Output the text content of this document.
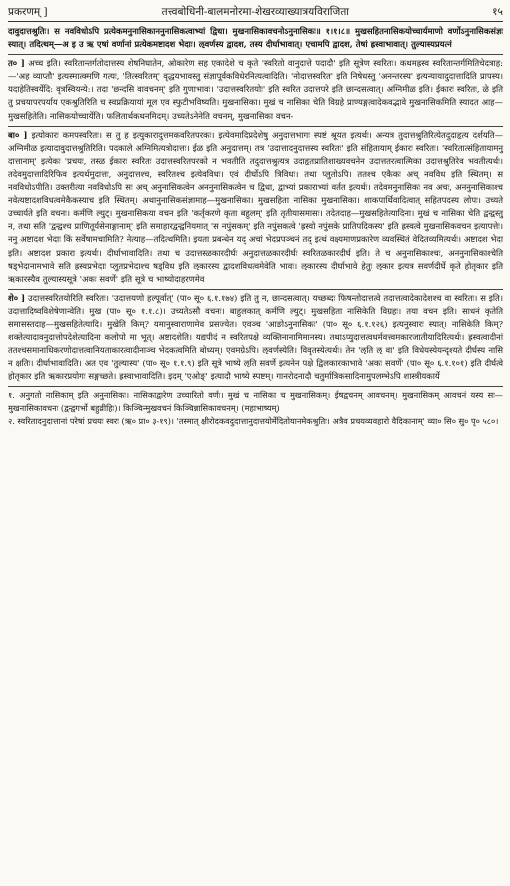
प्रकरणम् ]	तत्त्वबोधिनी-बालमनोरमा-शेखरव्याख्यात्रयविराजिता	१५

दावुदात्तश्रुतिः। स नवविधोऽपि प्रत्येकमनुनासिकाननुनासिकत्वाभ्यां द्विधा। मुखनासिकावचनोऽनुनासिकः॥ १।१।८॥ मुखसहितनासिकयोच्चार्यमाणो वर्णोऽनुनासिकसंज्ञः स्यात्। तदित्थम्—अ इ उ ऋ एषां वर्णानां प्रत्येकमष्टादश भेदाः। ऌवर्णस्य द्वादश, तस्य दीर्घाभावात्। एचामपि द्वादश, तेषां ह्रस्वाभावात्। तुल्यास्यप्रयत्नं

त० ] अच्च इति। स्वरितान्तर्गतोदात्तस्य शेषनिघातेन, ओकारेण सह एकादेशे च कृते 'स्वरितो वानुदात्ते पदादौ' इति सूत्रेण स्वरितः। कथमह्रस्व स्वरितान्तर्गमितिचेदत्राह:—'अह व्याप्तौ' इत्यस्मात्क्मणि गत्यः, 'तित्स्वरितम्' वृद्धयभावस्तु संज्ञापूर्वकविधेरनित्यत्वादिति। 'नोदात्तस्वरित' इति निषेधस्तु 'अनन्तरस्य' इत्यन्यायादुदात्तादिति प्रापस्य। यदाहेतिस्वर्येदि: वृत्रस्वियन्ये:। तदा 'छन्दसि वावचनम्' इति गुणाभावः। 'उदात्तस्वरितयोः' इति स्वरित उदात्तपरे इति छान्दसत्वात्। अग्निमीळ इति। ईकारः स्वरितः, ळे इति तु प्रचयापरपर्याय एकश्रुतिरिति च स्वप्रक्रियायां मूल एव स्फुटीभविष्यति। मुखनासिका। मुखं च नासिका चेति विग्रहे प्राण्यङ्गत्वादेकवद्भावे मुखनासिकमिति स्यादत आह—मुखसहितेति। नासिकयोच्चार्येति। फलितार्थकथनमिदम्। उच्यतेऽनेनेति वचनम्, मुखनासिका वचन-

बा० ] इत्योकारः कमपस्वरितः। स तु ह इत्युकारादुत्तमकवरितपरकः। इत्येवमादिप्रदेशेषु अनुदात्तभागः स्पष्टं श्रूयत इत्यर्थः। अन्यत्र तुदात्तश्रुतिरित्येतदुदाहृत्य दर्शयति—अग्निमीळ इत्यादावुदात्तश्रुतिरिति। पदकाले अग्निमित्यत्रोदात्तः। ईळ इति अनुदात्तम्। तत्र 'उदात्तादनुदात्तस्य स्वरितः' इति संहितायाम् ईकारः स्वरितः। 'स्वरितात्संहितायामनु दात्तानाम्' इत्येकः 'प्रचयः, तस्ळ ईकारः स्वरितः उदात्तस्वरितपरको न भवतीति तदुदात्तश्रुत्यत्र उदाहृतप्रातिशाख्यवचनेन उदात्ततरत्वात्मिका उदात्तश्रुतिरेव भवतीत्यर्थः। तदेवमुदात्तादिरिफिव इत्यर्थमुदात्तः, अनुदात्तश्च, स्वरितश्च इत्येवविधः। एवं दीर्घोऽपि त्रिविधः। तथा प्लुतोऽपि। ततश्च एकैकः अच् नवविध इति स्थितम्। स नवविधोऽपीति। उक्तरीत्या नवविधोऽपि सः अच् अनुनासिकत्वेन अननुनासिकत्वेन च द्विधा, द्वाभ्यां प्रकाराभ्यां वर्तत इत्यर्थः। तदेवमनुनासिकः नव अचः, अननुनासिकाश्च नवेत्यष्टादशविधत्वमेकैकस्याच इति स्थितम्। अथानुनासिकसंज्ञामाह—मुखनासिका। मुखसहिता नासिका मुखनासिका। शाकपार्थिवादित्वात् सहितपदस्य लोपः। उच्यते उच्चार्यते इति वचनः। कर्मणि ल्युट्। मुखनासिकया वचन इति 'कर्तृकरणे कृता बहुलम्' इति तृतीयासमासः। तदेतदाह—मुखसहितेत्यादिना। मुखं च नासिका चेति द्वन्द्वस्तु न, तथा सति 'द्वन्द्वश्च प्राणितूर्यसेनाङ्गानाम्' इति समाहारद्वन्द्वनियमात् 'स नपुंसकम्' इति नपुंसकत्वे 'ह्रस्वो नपुंसके प्रातिपदिकस्य' इति ह्रस्वत्वे मुखनासिकवचन इत्यापत्तेः। ननु अष्टादश भेदाः किं सर्वेषामचामिति? नेत्याह—तदित्थमिति। इयता प्रबन्धेन यद् अचां भेदप्रपञ्चनं तद् इत्थं वक्ष्यमाणप्रकारेण व्यवस्थितं वेदितव्यमित्यर्थः। अष्टादश भेदा इति। अष्टादश प्रकारा इत्यर्थः। दीर्घाभावादिति। तथा च उदात्तस्ळकारदीर्घः अनुदात्तळकारदीर्घः स्वरितळकारदीर्घ इति। ते च अनुनासिकाश्चः, अननुनासिकाश्चेति षड्भेदानामभावे सति ह्रस्वप्रभेदाः प्लुतप्रभेदाश्च षड्विध इति ऌकारस्य द्वादशविधत्वमेवेति भावः। ऌकारस्य दीर्घाभावे हेतुः ऌकार इत्यत्र सवर्णदीर्घे कृते होतृकार इति ऋकारस्यैव तुल्यास्यसूत्रे 'अकः सवर्णे' इति सूत्रे च भाष्योदाहरणमेव

शे० ] उदात्तस्वरितयोरिति स्वरितः। 'उदात्तयणो हल्पूर्वात्' (पा० सू० ६.१.१७४) इति तु न, छान्दसत्वात्। यच्छब्दः फिषन्तोदात्तत्वे तदात्तत्वादेकादेशश्च वा स्वरितः। स इति। उदात्तादिष्वविशेषेणान्वेति। मुख (पा० सू० १.१.८)। उच्यतेऽसौ वचनः। बाहुलकात् कर्मणि ल्युट्। मुखसहिता नासिकेति विग्रहः। तया वचन इति। साधनं कृतेति समासस्तदाह—मुखसहितेत्यादि। मुखेति किम्? यमानुस्वाराणामेव प्रसज्येत। एवञ्च 'आङोऽनुनासिकः' (पा० सू० ६.१.१२६) इत्यनुस्वारः स्यात्। नासिकेति किम्? शक्तेत्यादावनुदात्तोपदेशेत्यादिना कलोपो मा भूत्। अष्टादशेति। यद्यपीदं न स्वरितपक्षे व्यक्तिनानामिमानस्य। तथाऽप्युदात्तत्वधर्मवत्त्वमकारजातीयादिरित्यर्थः। ह्रस्वत्वादीनां ततश्चसमानाधिकरणोदात्तत्वानियताकारत्वादीनाञ्च भेदकत्वमिति बोध्यम्। एवमग्रेऽपि। ऌवर्णस्येति। विवृतस्येत्यर्थः। तेन 'ऌति ऌ वा' इति विधेयस्येयन्दृश्यते दीर्घस्य नासि न क्षतिः। दीर्घाभावादिति। अत एव 'तुल्यास्य' (पा० सू० १.१.९) इति सूत्रे भाष्ये ऌति सवर्णे इत्यनेन पक्षे द्विलकारकाभावे 'अकः सवर्णे' (पा० सू० ६.१.१०१) इति दीर्घत्वे होतृकार इति ऋकारप्रयोगः सङ्गच्छते। ह्रस्वाभावादिति। इदम् 'एओङ्' इत्यादौ भाष्ये स्पष्टम्। गानरोदनादौ चतुर्मात्रिकसादिनामुपलम्भेऽपि शास्त्रीयकार्ये

१. अनुगतो नासिकाम् इति अनुनासिकः। नासिकाद्वारेण उच्चारितो वर्णः। मुखं च नासिका च मुखनासिकम्। ईषद्वचनम् आवचनम्। मुखनासिकम् आवचनं यस्य सः—मुखनासिकावचनः (द्वन्द्वगर्भो बहुव्रीहिः)। किञ्चिन्मुखवचनं किञ्चिन्नासिकावचनम्। (महाभाष्यम्)

२. स्वरितादनुदात्तानां परेषां प्रचयः स्वरः (ऋ० प्रा० ३-१९)। 'तस्मात् क्षीरोदकवदुदात्तानुदात्तयोर्मेदितोयानमेकश्रुतिः। अत्रैव प्रचयव्यवहारो वैदिकानाम्' व्या० सि० सु० पृ० ५८०।
